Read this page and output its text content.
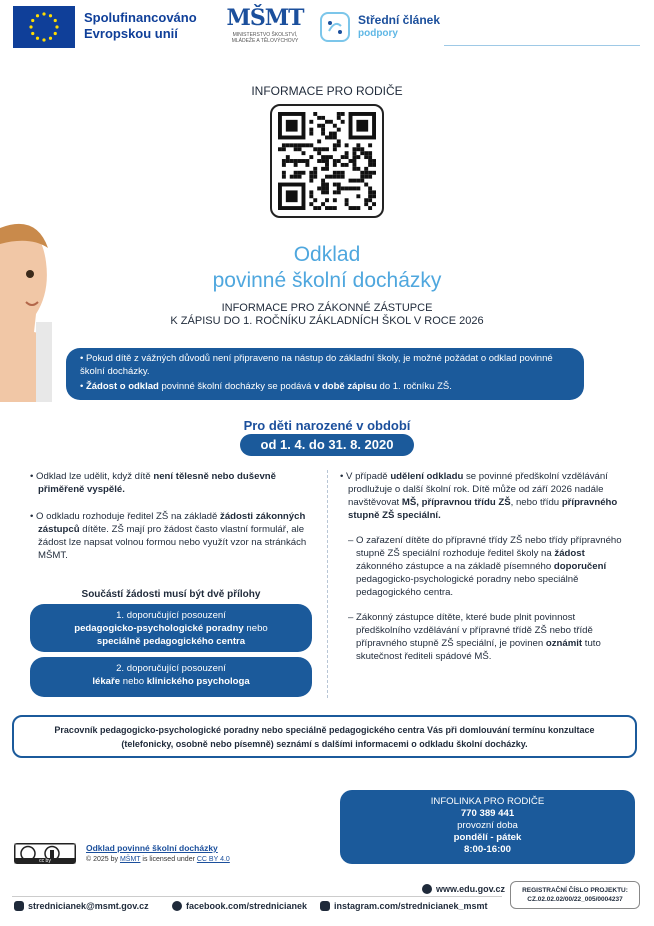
Spolufinancováno
Evropskou unií
MŠMT
MINISTERSTVO ŠKOLSTVÍ,
MLÁDEŽE A TĚLOVÝCHOVY
Střední článek
podpory
INFORMACE PRO RODIČE
Odklad
povinné školní docházky
INFORMACE PRO ZÁKONNÉ ZÁSTUPCE
K ZÁPISU DO 1. ROČNÍKU ZÁKLADNÍCH ŠKOL V ROCE 2026

• Pokud dítě z vážných důvodů není připraveno na nástup do základní školy, je možné požádat o odklad povinné školní docházky.

• Žádost o odklad povinné školní docházky se podává v době zápisu do 1. ročníku ZŠ.

Pro děti narozené v období
od 1. 4. do 31. 8. 2020

• Odklad lze udělit, když dítě není tělesně nebo duševně přiměřeně vyspělé.

• O odkladu rozhoduje ředitel ZŠ na základě žádosti zákonných zástupců dítěte. ZŠ mají pro žádost často vlastní formulář, ale žádost lze napsat volnou formou nebo využít vzor na stránkách MŠMT.

Součástí žádosti musí být dvě přílohy
1. doporučující posouzení
pedagogicko-psychologické poradny nebo
speciálně pedagogického centra
2. doporučující posouzení
lékaře nebo klinického psychologa

• V případě udělení odkladu se povinné předškolní vzdělávání prodlužuje o další školní rok. Dítě může od září 2026 nadále navštěvovat MŠ, přípravnou třídu ZŠ, nebo třídu přípravného stupně ZŠ speciální.

– O zařazení dítěte do přípravné třídy ZŠ nebo třídy přípravného stupně ZŠ speciální rozhoduje ředitel školy na žádost zákonného zástupce a na základě písemného doporučení pedagogicko-psychologické poradny nebo speciálně pedagogického centra.

– Zákonný zástupce dítěte, které bude plnit povinnost předškolního vzdělávání v přípravné třídě ZŠ nebo třídě přípravného stupně ZŠ speciální, je povinen oznámit tuto skutečnost řediteli spádové MŠ.

Pracovník pedagogicko-psychologické poradny nebo speciálně pedagogického centra Vás při domlouvání termínu konzultace (telefonicky, osobně nebo písemně) seznámí s dalšími informacemi o odkladu školní docházky.
INFOLINKA PRO RODIČE
770 389 441
provozní doba
pondělí - pátek
8:00-16:00
cc by
Odklad povinné školní docházky
© 2025 by MŠMT is licensed under CC BY 4.0
www.edu.gov.cz
strednicianek@msmt.gov.cz	facebook.com/strednicianek	instagram.com/strednicianek_msmt
REGISTRAČNÍ ČÍSLO PROJEKTU:
CZ.02.02.02/00/22_005/0004237
